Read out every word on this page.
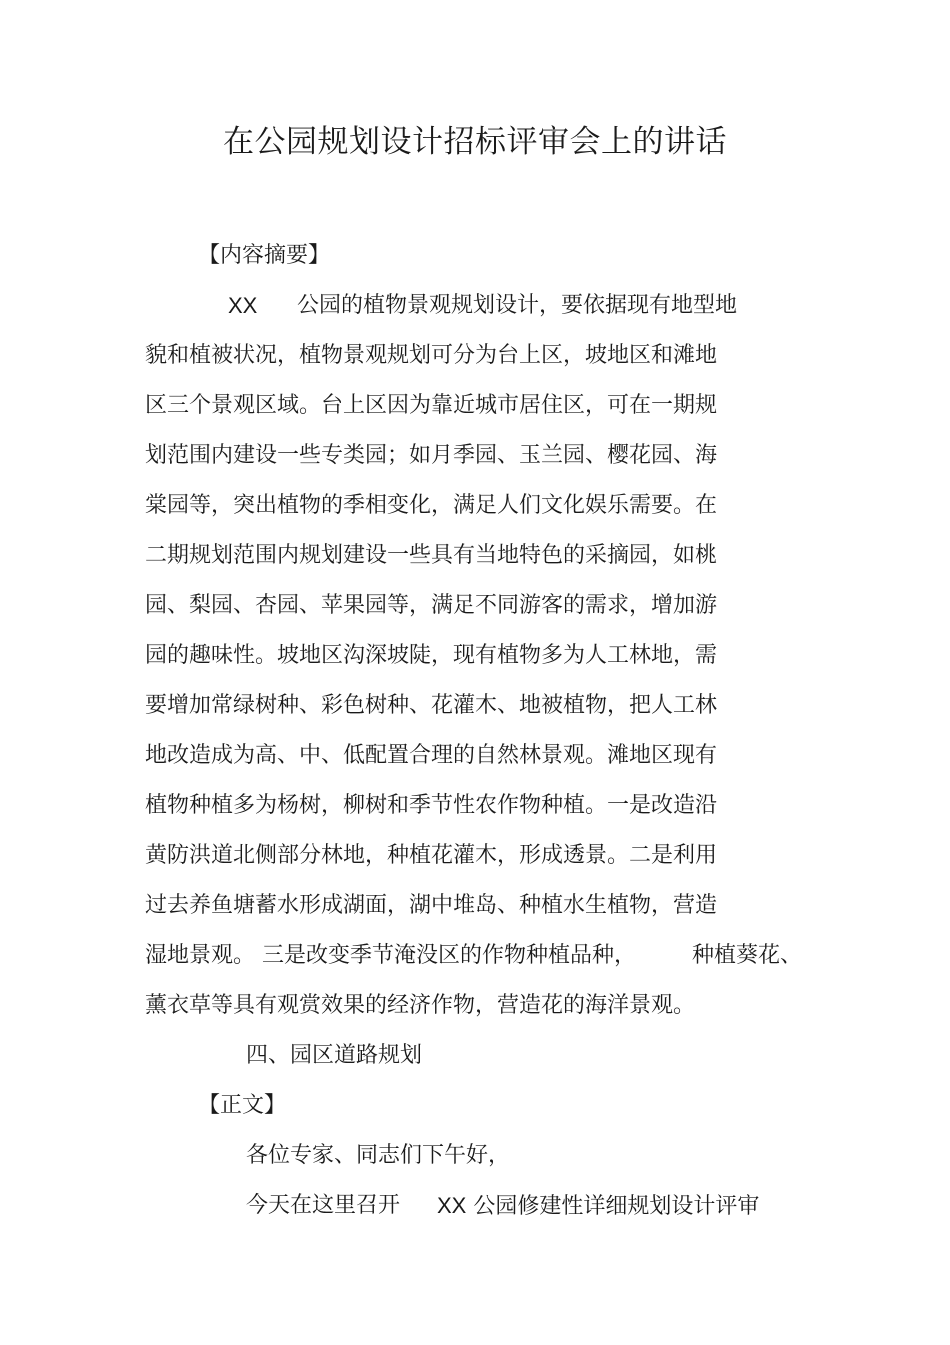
在公园规划设计招标评审会上的讲话
【内容摘要】
XX 公园的植物景观规划设计，要依据现有地型地
貌和植被状况，植物景观规划可分为台上区，坡地区和滩地
区三个景观区域。台上区因为靠近城市居住区，可在一期规
划范围内建设一些专类园；如月季园、玉兰园、樱花园、海
棠园等，突出植物的季相变化，满足人们文化娱乐需要。在
二期规划范围内规划建设一些具有当地特色的采摘园，如桃
园、梨园、杏园、苹果园等，满足不同游客的需求，增加游
园的趣味性。坡地区沟深坡陡，现有植物多为人工林地，需
要增加常绿树种、彩色树种、花灌木、地被植物，把人工林
地改造成为高、中、低配置合理的自然林景观。滩地区现有
植物种植多为杨树，柳树和季节性农作物种植。一是改造沿
黄防洪道北侧部分林地，种植花灌木，形成透景。二是利用
过去养鱼塘蓄水形成湖面，湖中堆岛、种植水生植物，营造
湿地景观。 三是改变季节淹没区的作物种植品种，	种植葵花、
薰衣草等具有观赏效果的经济作物，营造花的海洋景观。
四、园区道路规划
【正文】
各位专家、同志们下午好，
今天在这里召开 XX 公园修建性详细规划设计评审
